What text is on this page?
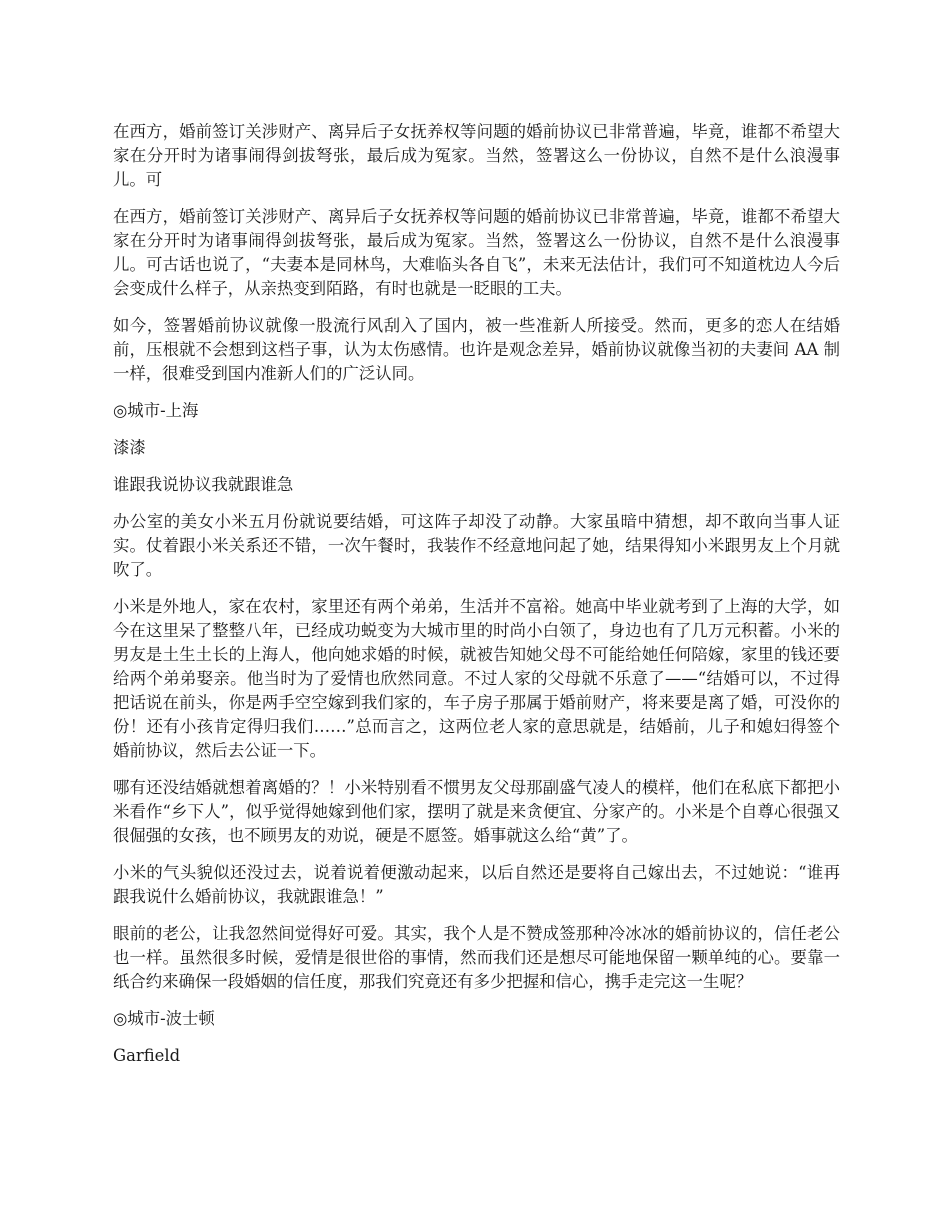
在西方，婚前签订关涉财产、离异后子女抚养权等问题的婚前协议已非常普遍，毕竟，谁都不希望大家在分开时为诸事闹得剑拔弩张，最后成为冤家。当然，签署这么一份协议，自然不是什么浪漫事儿。可

在西方，婚前签订关涉财产、离异后子女抚养权等问题的婚前协议已非常普遍，毕竟，谁都不希望大家在分开时为诸事闹得剑拔弩张，最后成为冤家。当然，签署这么一份协议，自然不是什么浪漫事儿。可古话也说了，“夫妻本是同林鸟，大难临头各自飞”，未来无法估计，我们可不知道枕边人今后会变成什么样子，从亲热变到陌路，有时也就是一眨眼的工夫。

如今，签署婚前协议就像一股流行风刮入了国内，被一些准新人所接受。然而，更多的恋人在结婚前，压根就不会想到这档子事，认为太伤感情。也许是观念差异，婚前协议就像当初的夫妻间 AA 制一样，很难受到国内准新人们的广泛认同。

◎城市-上海

漆漆

谁跟我说协议我就跟谁急

办公室的美女小米五月份就说要结婚，可这阵子却没了动静。大家虽暗中猜想，却不敢向当事人证实。仗着跟小米关系还不错，一次午餐时，我装作不经意地问起了她，结果得知小米跟男友上个月就吹了。

小米是外地人，家在农村，家里还有两个弟弟，生活并不富裕。她高中毕业就考到了上海的大学，如今在这里呆了整整八年，已经成功蜕变为大城市里的时尚小白领了，身边也有了几万元积蓄。小米的男友是土生土长的上海人，他向她求婚的时候，就被告知她父母不可能给她任何陪嫁，家里的钱还要给两个弟弟娶亲。他当时为了爱情也欣然同意。不过人家的父母就不乐意了——“结婚可以，不过得把话说在前头，你是两手空空嫁到我们家的，车子房子那属于婚前财产，将来要是离了婚，可没你的份！还有小孩肯定得归我们……”总而言之，这两位老人家的意思就是，结婚前，儿子和媳妇得签个婚前协议，然后去公证一下。

哪有还没结婚就想着离婚的？！小米特别看不惯男友父母那副盛气凌人的模样，他们在私底下都把小米看作“乡下人”，似乎觉得她嫁到他们家，摆明了就是来贪便宜、分家产的。小米是个自尊心很强又很倔强的女孩，也不顾男友的劝说，硬是不愿签。婚事就这么给“黄”了。

小米的气头貌似还没过去，说着说着便激动起来，以后自然还是要将自己嫁出去，不过她说：“谁再跟我说什么婚前协议，我就跟谁急！”

眼前的老公，让我忽然间觉得好可爱。其实，我个人是不赞成签那种冷冰冰的婚前协议的，信任老公也一样。虽然很多时候，爱情是很世俗的事情，然而我们还是想尽可能地保留一颗单纯的心。要靠一纸合约来确保一段婚姻的信任度，那我们究竟还有多少把握和信心，携手走完这一生呢？

◎城市-波士顿

Garfield
